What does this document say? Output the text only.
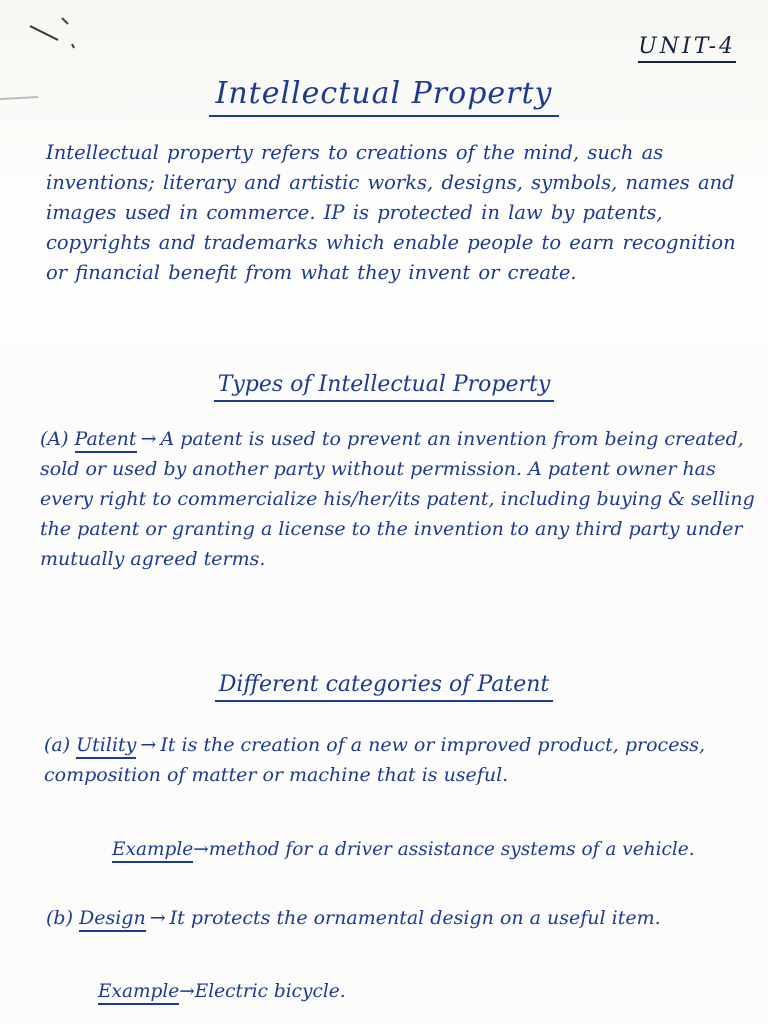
UNIT-4
Intellectual Property
Intellectual property refers to creations of the mind, such as inventions; literary and artistic works, designs, symbols, names and images used in commerce. IP is protected in law by patents, copyrights and trademarks which enable people to earn recognition or financial benefit from what they invent or create.
Types of Intellectual Property
(A) Patent → A patent is used to prevent an invention from being created, sold or used by another party without permission. A patent owner has every right to commercialize his/her/its patent, including buying & selling the patent or granting a license to the invention to any third party under mutually agreed terms.
Different categories of Patent
(a) Utility → It is the creation of a new or improved product, process, composition of matter or machine that is useful.
Example→method for a driver assistance systems of a vehicle.
(b) Design → It protects the ornamental design on a useful item.
Example→Electric bicycle.
